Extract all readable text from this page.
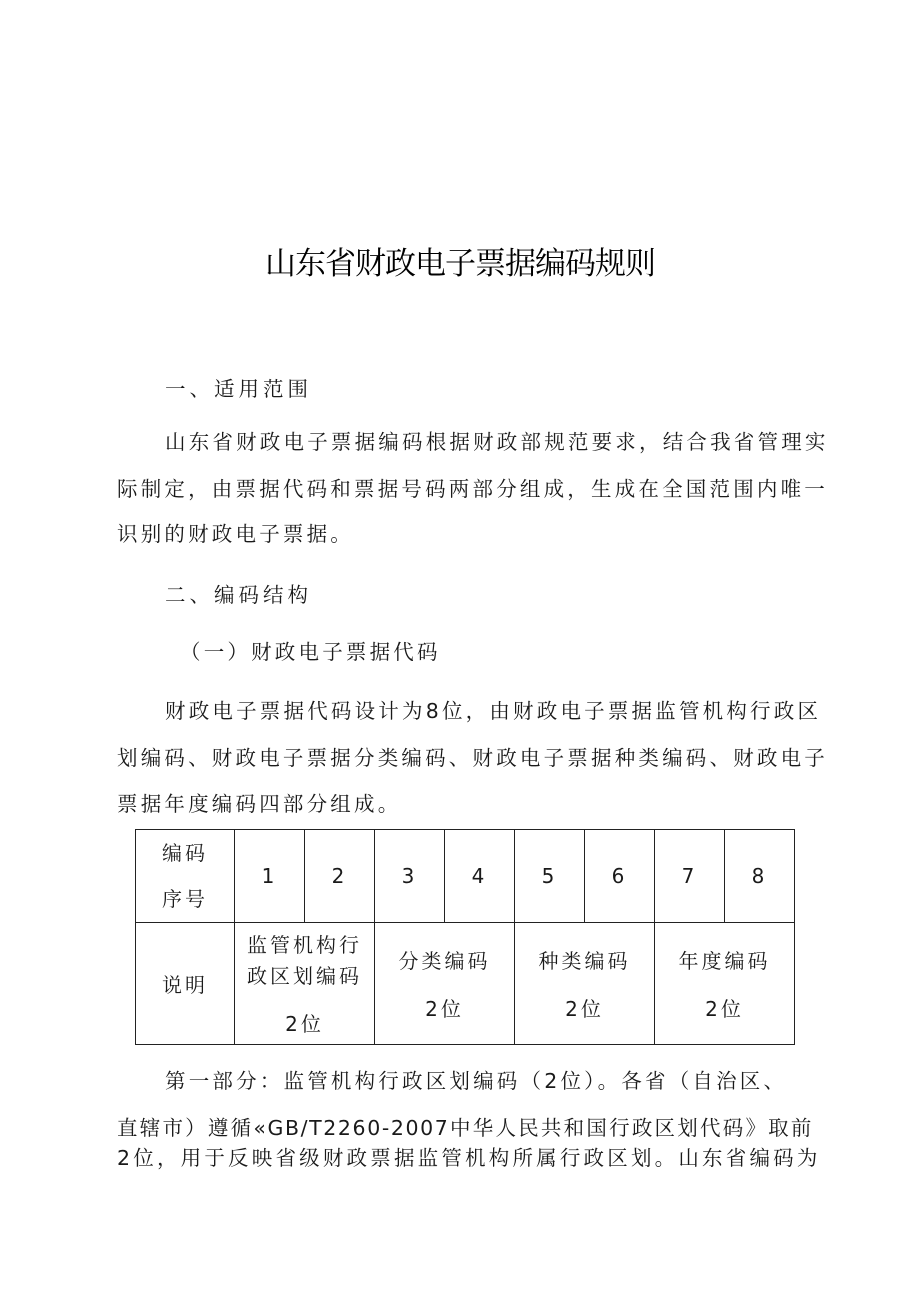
山东省财政电子票据编码规则
一、适用范围
山东省财政电子票据编码根据财政部规范要求，结合我省管理实
际制定，由票据代码和票据号码两部分组成，生成在全国范围内唯一
识别的财政电子票据。
二、编码结构
（一）财政电子票据代码
财政电子票据代码设计为8位，由财政电子票据监管机构行政区
划编码、财政电子票据分类编码、财政电子票据种类编码、财政电子
票据年度编码四部分组成。
编码
序号	1	2	3	4	5	6	7	8
说明	监管机构行
政区划编码
2位		分类编码
2位		种类编码
2位		年度编码
2位	
第一部分：监管机构行政区划编码（2位）。各省（自治区、
直辖市）遵循«GB/T2260-2007中华人民共和国行政区划代码》取前
2位，用于反映省级财政票据监管机构所属行政区划。山东省编码为
